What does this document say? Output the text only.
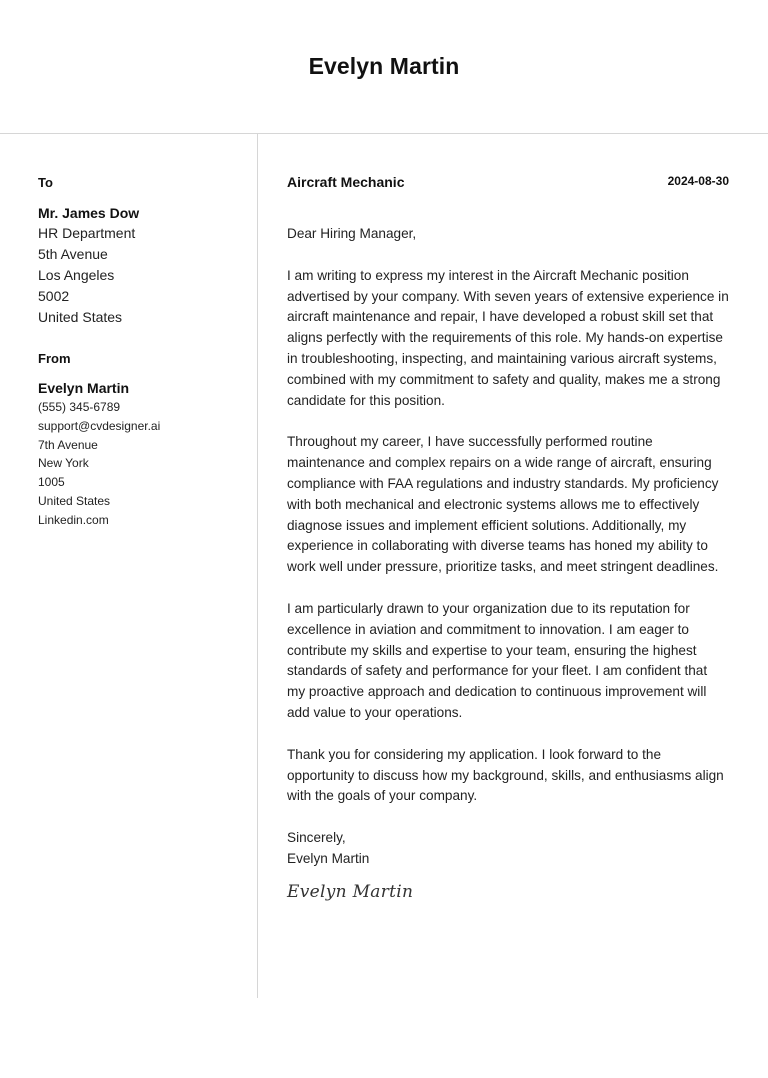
Evelyn Martin
To
Mr. James Dow
HR Department
5th Avenue
Los Angeles
5002
United States
From
Evelyn Martin
(555) 345-6789
support@cvdesigner.ai
7th Avenue
New York
1005
United States
Linkedin.com
Aircraft Mechanic	2024-08-30

Dear Hiring Manager,

I am writing to express my interest in the Aircraft Mechanic position advertised by your company. With seven years of extensive experience in aircraft maintenance and repair, I have developed a robust skill set that aligns perfectly with the requirements of this role. My hands-on expertise in troubleshooting, inspecting, and maintaining various aircraft systems, combined with my commitment to safety and quality, makes me a strong candidate for this position.

Throughout my career, I have successfully performed routine maintenance and complex repairs on a wide range of aircraft, ensuring compliance with FAA regulations and industry standards. My proficiency with both mechanical and electronic systems allows me to effectively diagnose issues and implement efficient solutions. Additionally, my experience in collaborating with diverse teams has honed my ability to work well under pressure, prioritize tasks, and meet stringent deadlines.

I am particularly drawn to your organization due to its reputation for excellence in aviation and commitment to innovation. I am eager to contribute my skills and expertise to your team, ensuring the highest standards of safety and performance for your fleet. I am confident that my proactive approach and dedication to continuous improvement will add value to your operations.

Thank you for considering my application. I look forward to the opportunity to discuss how my background, skills, and enthusiasms align with the goals of your company.

Sincerely,

Evelyn Martin

Evelyn Martin
